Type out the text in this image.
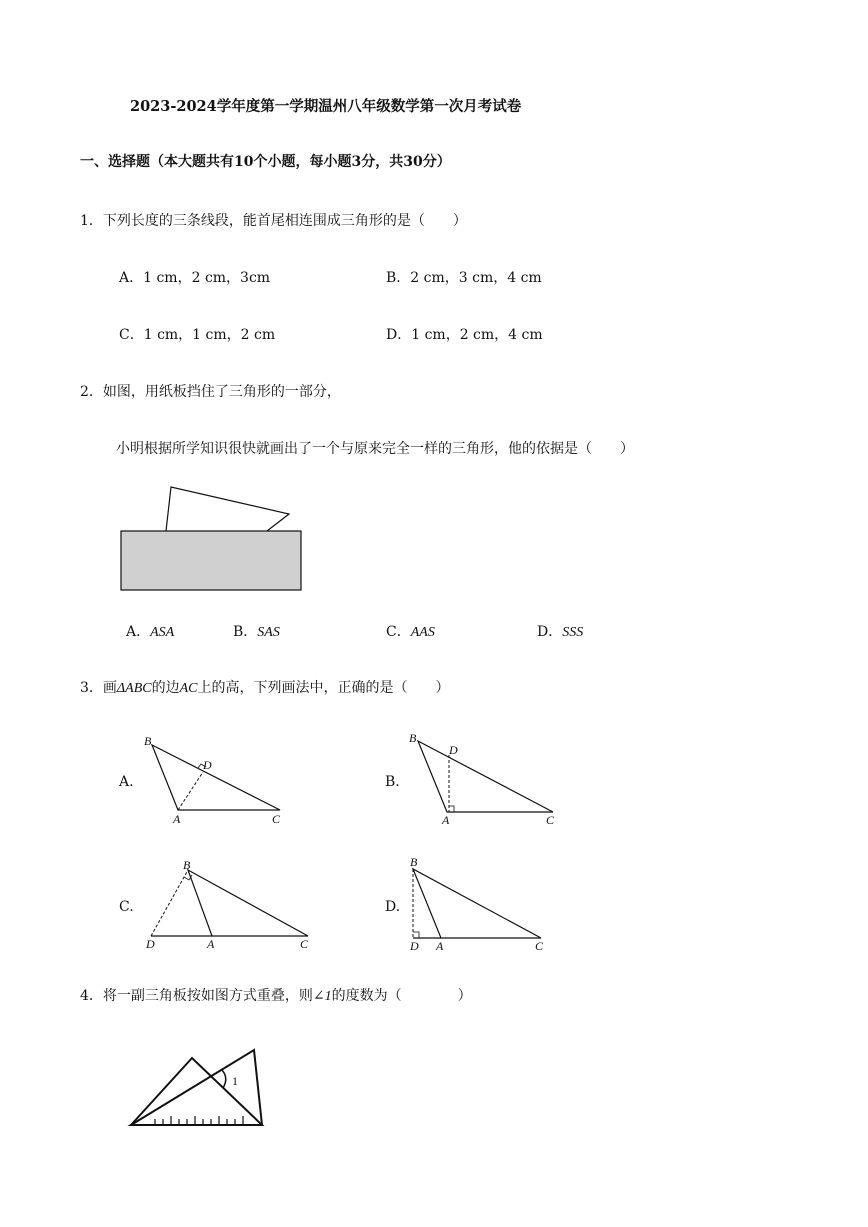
2023-2024学年度第一学期温州八年级数学第一次月考试卷
一、选择题（本大题共有10个小题，每小题3分，共30分）
1．下列长度的三条线段，能首尾相连围成三角形的是（　　）
A．1 cm，2 cm，3cm	B．2 cm，3 cm，4 cm
C．1 cm，1 cm，2 cm	D．1 cm，2 cm，4 cm
2．如图，用纸板挡住了三角形的一部分，
小明根据所学知识很快就画出了一个与原来完全一样的三角形，他的依据是（　　）
B
D
A	C
B
D
A	C
B
D	A	C
B
D A	C
1
A．ASA	B．SAS	C．AAS	D．SSS
3．画ΔABC的边AC上的高，下列画法中，正确的是（　　）
A.	B.
C.	D.
4．将一副三角板按如图方式重叠，则∠1的度数为（　　　　）
